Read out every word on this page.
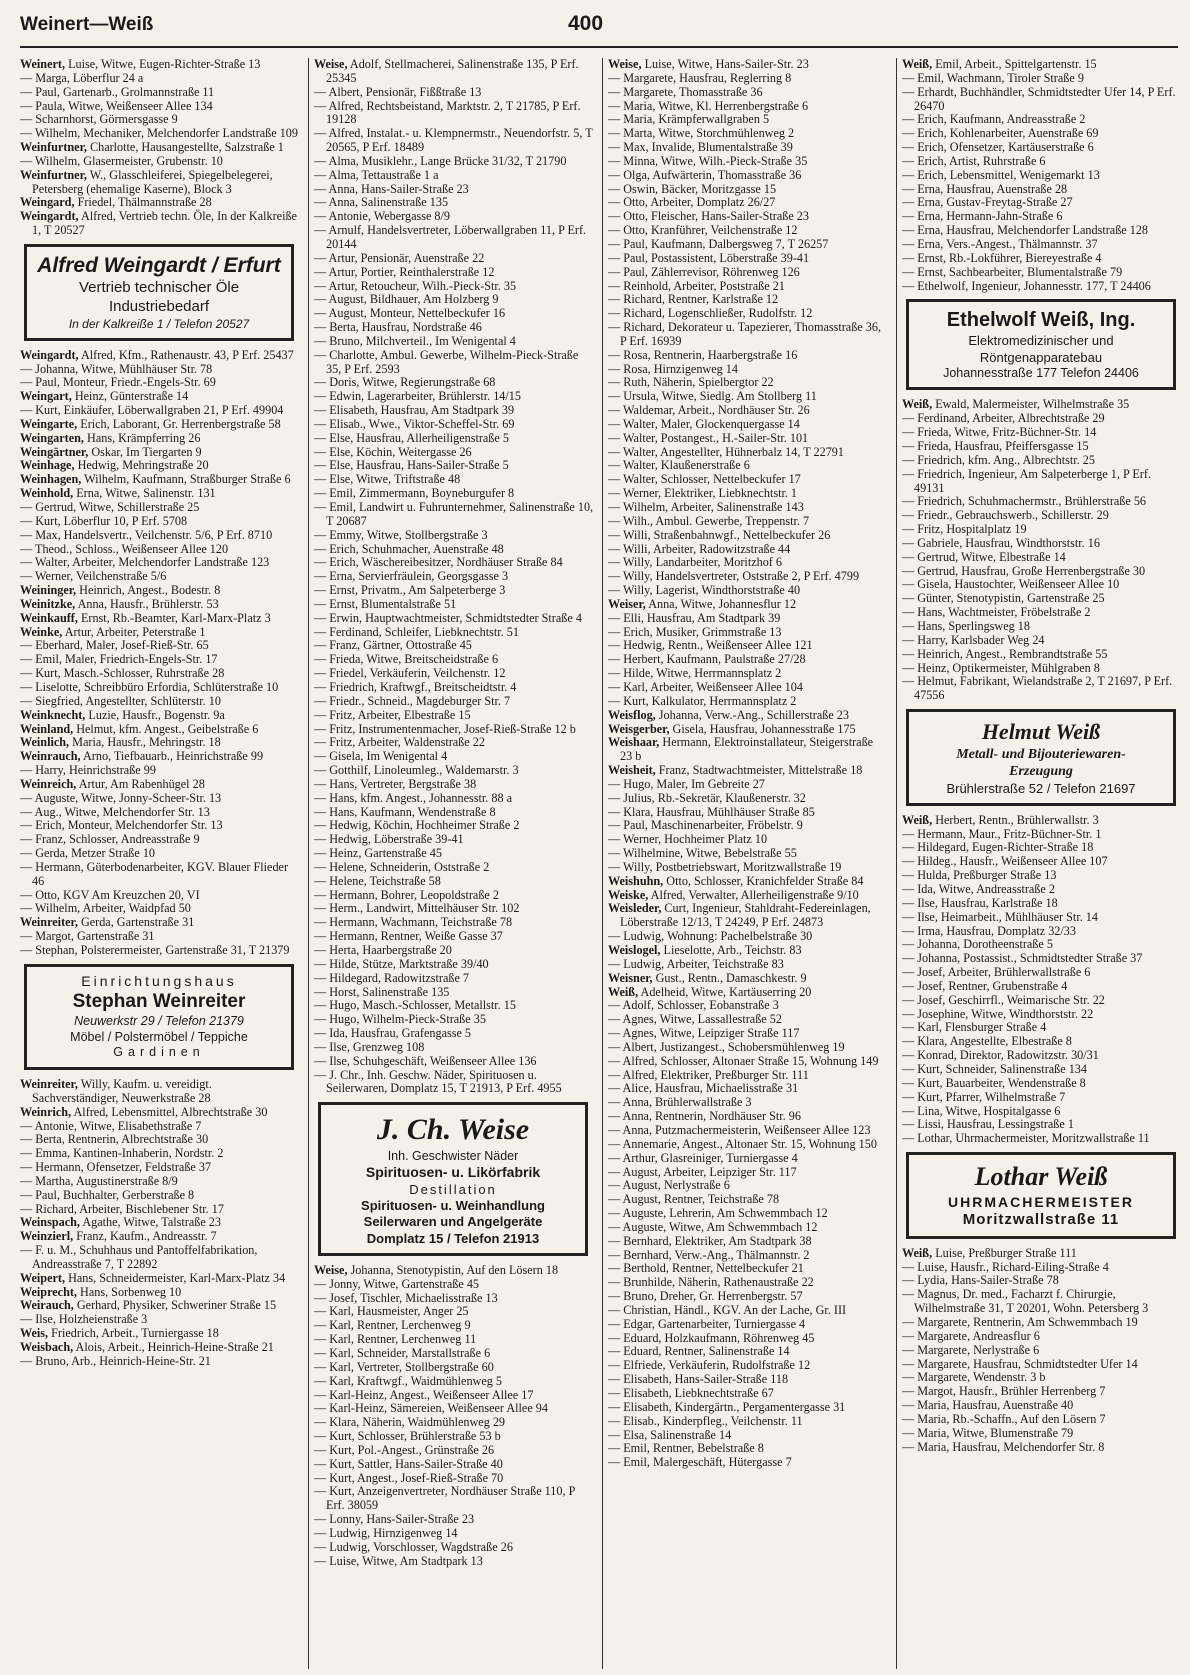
Weinert—Weiß	400
Weinert, Luise, Witwe, Eugen-Richter-Straße 13
— Marga, Löberflur 24 a
— Paul, Gartenarb., Grolmannstraße 11
— Paula, Witwe, Weißenseer Allee 134
— Scharnhorst, Görmersgasse 9
— Wilhelm, Mechaniker, Melchendorfer Landstraße 109
Weinfurtner, Charlotte, Hausangestellte, Salzstraße 1
— Wilhelm, Glasermeister, Grubenstr. 10
Weinfurtner, W., Glasschleiferei, Spiegelbelegerei, Petersberg (ehemalige Kaserne), Block 3
Weingard, Friedel, Thälmannstraße 28
Weingardt, Alfred, Vertrieb techn. Öle, In der Kalkreiße 1, T 20527
Alfred Weingardt / Erfurt
Vertrieb technischer Öle
Industriebedarf
In der Kalkreiße 1 / Telefon 20527
Weingardt, Alfred, Kfm., Rathenaustr. 43, P Erf. 25437
— Johanna, Witwe, Mühlhäuser Str. 78
— Paul, Monteur, Friedr.-Engels-Str. 69
Weingart, Heinz, Günterstraße 14
— Kurt, Einkäufer, Löberwallgraben 21, P Erf. 49904
Weingarte, Erich, Laborant, Gr. Herrenbergstraße 58
Weingarten, Hans, Krämpferring 26
Weingärtner, Oskar, Im Tiergarten 9
Weinhage, Hedwig, Mehringstraße 20
Weinhagen, Wilhelm, Kaufmann, Straßburger Straße 6
Weinhold, Erna, Witwe, Salinenstr. 131
— Gertrud, Witwe, Schillerstraße 25
— Kurt, Löberflur 10, P Erf. 5708
— Max, Handelsvertr., Veilchenstr. 5/6, P Erf. 8710
— Theod., Schloss., Weißenseer Allee 120
— Walter, Arbeiter, Melchendorfer Landstraße 123
— Werner, Veilchenstraße 5/6
Weininger, Heinrich, Angest., Bodestr. 8
Weinitzke, Anna, Hausfr., Brühlerstr. 53
Weinkauff, Ernst, Rb.-Beamter, Karl-Marx-Platz 3
Weinke, Artur, Arbeiter, Peterstraße 1
— Eberhard, Maler, Josef-Rieß-Str. 65
— Emil, Maler, Friedrich-Engels-Str. 17
— Kurt, Masch.-Schlosser, Ruhrstraße 28
— Liselotte, Schreibbüro Erfordia, Schlüterstraße 10
— Siegfried, Angestellter, Schlüterstr. 10
Weinknecht, Luzie, Hausfr., Bogenstr. 9a
Weinland, Helmut, kfm. Angest., Geibelstraße 6
Weinlich, Maria, Hausfr., Mehringstr. 18
Weinrauch, Arno, Tiefbauarb., Heinrichstraße 99
— Harry, Heinrichstraße 99
Weinreich, Artur, Am Rabenhügel 28
— Auguste, Witwe, Jonny-Scheer-Str. 13
— Aug., Witwe, Melchendorfer Str. 13
— Erich, Monteur, Melchendorfer Str. 13
— Franz, Schlosser, Andreasstraße 9
— Gerda, Metzer Straße 10
— Hermann, Güterbodenarbeiter, KGV. Blauer Flieder 46
— Otto, KGV Am Kreuzchen 20, VI
— Wilhelm, Arbeiter, Waidpfad 50
Weinreiter, Gerda, Gartenstraße 31
— Margot, Gartenstraße 31
— Stephan, Polsterermeister, Gartenstraße 31, T 21379
Einrichtungshaus
Stephan Weinreiter
Neuwerkstr 29 / Telefon 21379
Möbel / Polstermöbel / Teppiche
Gardinen
Weinreiter, Willy, Kaufm. u. vereidigt. Sachverständiger, Neuwerkstraße 28
Weinrich, Alfred, Lebensmittel, Albrechtstraße 30
— Antonie, Witwe, Elisabethstraße 7
— Berta, Rentnerin, Albrechtstraße 30
— Emma, Kantinen-Inhaberin, Nordstr. 2
— Hermann, Ofensetzer, Feldstraße 37
— Martha, Augustinerstraße 8/9
— Paul, Buchhalter, Gerberstraße 8
— Richard, Arbeiter, Bischlebener Str. 17
Weinspach, Agathe, Witwe, Talstraße 23
Weinzierl, Franz, Kaufm., Andreasstr. 7
— F. u. M., Schuhhaus und Pantoffelfabrikation, Andreasstraße 7, T 22892
Weipert, Hans, Schneidermeister, Karl-Marx-Platz 34
Weiprecht, Hans, Sorbenweg 10
Weirauch, Gerhard, Physiker, Schweriner Straße 15
— Ilse, Holzheienstraße 3
Weis, Friedrich, Arbeit., Turniergasse 18
Weisbach, Alois, Arbeit., Heinrich-Heine-Straße 21
— Bruno, Arb., Heinrich-Heine-Str. 21
Weise, Adolf, Stellmacherei, Salinenstraße 135, P Erf. 25345
— Albert, Pensionär, Fißßtraße 13
— Alfred, Rechtsbeistand, Marktstr. 2, T 21785, P Erf. 19128
— Alfred, Instalat.- u. Klempnermstr., Neuendorfstr. 5, T 20565, P Erf. 18489
— Alma, Musiklehr., Lange Brücke 31/32, T 21790
— Alma, Tettaustraße 1 a
— Anna, Hans-Sailer-Straße 23
— Anna, Salinenstraße 135
— Antonie, Webergasse 8/9
— Arnulf, Handelsvertreter, Löberwallgraben 11, P Erf. 20144
— Artur, Pensionär, Auenstraße 22
— Artur, Portier, Reinthalerstraße 12
— Artur, Retoucheur, Wilh.-Pieck-Str. 35
— August, Bildhauer, Am Holzberg 9
— August, Monteur, Nettelbeckufer 16
— Berta, Hausfrau, Nordstraße 46
— Bruno, Milchverteil., Im Wenigental 4
— Charlotte, Ambul. Gewerbe, Wilhelm-Pieck-Straße 35, P Erf. 2593
— Doris, Witwe, Regierungstraße 68
— Edwin, Lagerarbeiter, Brühlerstr. 14/15
— Elisabeth, Hausfrau, Am Stadtpark 39
— Elisab., Wwe., Viktor-Scheffel-Str. 69
— Else, Hausfrau, Allerheiligenstraße 5
— Else, Köchin, Weitergasse 26
— Else, Hausfrau, Hans-Sailer-Straße 5
— Else, Witwe, Triftstraße 48
— Emil, Zimmermann, Boyneburgufer 8
— Emil, Landwirt u. Fuhrunternehmer, Salinenstraße 10, T 20687
— Emmy, Witwe, Stollbergstraße 3
— Erich, Schuhmacher, Auenstraße 48
— Erich, Wäschereibesitzer, Nordhäuser Straße 84
— Erna, Servierfräulein, Georgsgasse 3
— Ernst, Privatm., Am Salpeterberge 3
— Ernst, Blumentalstraße 51
— Erwin, Hauptwachtmeister, Schmidtstedter Straße 4
— Ferdinand, Schleifer, Liebknechtstr. 51
— Franz, Gärtner, Ottostraße 45
— Frieda, Witwe, Breitscheidstraße 6
— Friedel, Verkäuferin, Veilchenstr. 12
— Friedrich, Kraftwgf., Breitscheidtstr. 4
— Friedr., Schneid., Magdeburger Str. 7
— Fritz, Arbeiter, Elbestraße 15
— Fritz, Instrumentenmacher, Josef-Rieß-Straße 12 b
— Fritz, Arbeiter, Waldenstraße 22
— Gisela, Im Wenigental 4
— Gotthilf, Linoleumleg., Waldemarstr. 3
— Hans, Vertreter, Bergstraße 38
— Hans, kfm. Angest., Johannesstr. 88 a
— Hans, Kaufmann, Wendenstraße 8
— Hedwig, Köchin, Hochheimer Straße 2
— Hedwig, Löberstraße 39-41
— Heinz, Gartenstraße 45
— Helene, Schneiderin, Oststraße 2
— Helene, Teichstraße 58
— Hermann, Bohrer, Leopoldstraße 2
— Herm., Landwirt, Mittelhäuser Str. 102
— Hermann, Wachmann, Teichstraße 78
— Hermann, Rentner, Weiße Gasse 37
— Herta, Haarbergstraße 20
— Hilde, Stütze, Marktstraße 39/40
— Hildegard, Radowitzstraße 7
— Horst, Salinenstraße 135
— Hugo, Masch.-Schlosser, Metallstr. 15
— Hugo, Wilhelm-Pieck-Straße 35
— Ida, Hausfrau, Grafengasse 5
— Ilse, Grenzweg 108
— Ilse, Schuhgeschäft, Weißenseer Allee 136
— J. Chr., Inh. Geschw. Näder, Spirituosen u. Seilerwaren, Domplatz 15, T 21913, P Erf. 4955
J. Ch. Weise
Inh. Geschwister Näder
Spirituosen- u. Likörfabrik
Destillation
Spirituosen- u. Weinhandlung
Seilerwaren und Angelgeräte
Domplatz 15 / Telefon 21913
Weise, Johanna, Stenotypistin, Auf den Lösern 18
— Jonny, Witwe, Gartenstraße 45
— Josef, Tischler, Michaelisstraße 13
— Karl, Hausmeister, Anger 25
— Karl, Rentner, Lerchenweg 9
— Karl, Rentner, Lerchenweg 11
— Karl, Schneider, Marstallstraße 6
— Karl, Vertreter, Stollbergstraße 60
— Karl, Kraftwgf., Waidmühlenweg 5
— Karl-Heinz, Angest., Weißenseer Allee 17
— Karl-Heinz, Sämereien, Weißenseer Allee 94
— Klara, Näherin, Waidmühlenweg 29
— Kurt, Schlosser, Brühlerstraße 53 b
— Kurt, Pol.-Angest., Grünstraße 26
— Kurt, Sattler, Hans-Sailer-Straße 40
— Kurt, Angest., Josef-Rieß-Straße 70
— Kurt, Anzeigenvertreter, Nordhäuser Straße 110, P Erf. 38059
— Lonny, Hans-Sailer-Straße 23
— Ludwig, Hirnzigenweg 14
— Ludwig, Vorschlosser, Wagdstraße 26
— Luise, Witwe, Am Stadtpark 13
Weise, Luise, Witwe, Hans-Sailer-Str. 23
— Margarete, Hausfrau, Reglerring 8
— Margarete, Thomasstraße 36
— Maria, Witwe, Kl. Herrenbergstraße 6
— Maria, Krämpferwallgraben 5
— Marta, Witwe, Storchmühlenweg 2
— Max, Invalide, Blumentalstraße 39
— Minna, Witwe, Wilh.-Pieck-Straße 35
— Olga, Aufwärterin, Thomasstraße 36
— Oswin, Bäcker, Moritzgasse 15
— Otto, Arbeiter, Domplatz 26/27
— Otto, Fleischer, Hans-Sailer-Straße 23
— Otto, Kranführer, Veilchenstraße 12
— Paul, Kaufmann, Dalbergsweg 7, T 26257
— Paul, Postassistent, Löberstraße 39-41
— Paul, Zählerrevisor, Röhrenweg 126
— Reinhold, Arbeiter, Poststraße 21
— Richard, Rentner, Karlstraße 12
— Richard, Logenschließer, Rudolfstr. 12
— Richard, Dekorateur u. Tapezierer, Thomasstraße 36, P Erf. 16939
— Rosa, Rentnerin, Haarbergstraße 16
— Rosa, Hirnzigenweg 14
— Ruth, Näherin, Spielbergtor 22
— Ursula, Witwe, Siedlg. Am Stollberg 11
— Waldemar, Arbeit., Nordhäuser Str. 26
— Walter, Maler, Glockenquergasse 14
— Walter, Postangest., H.-Sailer-Str. 101
— Walter, Angestellter, Hühnerbalz 14, T 22791
— Walter, Klaußenerstraße 6
— Walter, Schlosser, Nettelbeckufer 17
— Werner, Elektriker, Liebknechtstr. 1
— Wilhelm, Arbeiter, Salinenstraße 143
— Wilh., Ambul. Gewerbe, Treppenstr. 7
— Willi, Straßenbahnwgf., Nettelbeckufer 26
— Willi, Arbeiter, Radowitzstraße 44
— Willy, Landarbeiter, Moritzhof 6
— Willy, Handelsvertreter, Oststraße 2, P Erf. 4799
— Willy, Lagerist, Windthorststraße 40
Weiser, Anna, Witwe, Johannesflur 12
— Elli, Hausfrau, Am Stadtpark 39
— Erich, Musiker, Grimmstraße 13
— Hedwig, Rentn., Weißenseer Allee 121
— Herbert, Kaufmann, Paulstraße 27/28
— Hilde, Witwe, Herrmannsplatz 2
— Karl, Arbeiter, Weißenseer Allee 104
— Kurt, Kalkulator, Herrmannsplatz 2
Weisflog, Johanna, Verw.-Ang., Schillerstraße 23
Weisgerber, Gisela, Hausfrau, Johannesstraße 175
Weishaar, Hermann, Elektroinstallateur, Steigerstraße 23 b
Weisheit, Franz, Stadtwachtmeister, Mittelstraße 18
— Hugo, Maler, Im Gebreite 27
— Julius, Rb.-Sekretär, Klaußenerstr. 32
— Klara, Hausfrau, Mühlhäuser Straße 85
— Paul, Maschinenarbeiter, Fröbelstr. 9
— Werner, Hochheimer Platz 10
— Wilhelmine, Witwe, Bebelstraße 55
— Willy, Postbetriebswart, Moritzwallstraße 19
Weishuhn, Otto, Schlosser, Kranichfelder Straße 84
Weiske, Alfred, Verwalter, Allerheiligenstraße 9/10
Weisleder, Curt, Ingenieur, Stahldraht-Federeinlagen, Löberstraße 12/13, T 24249, P Erf. 24873
— Ludwig, Wohnung: Pachelbelstraße 30
Weislogel, Lieselotte, Arb., Teichstr. 83
— Ludwig, Arbeiter, Teichstraße 83
Weisner, Gust., Rentn., Damaschkestr. 9
Weiß, Adelheid, Witwe, Kartäuserring 20
— Adolf, Schlosser, Eobanstraße 3
— Agnes, Witwe, Lassallestraße 52
— Agnes, Witwe, Leipziger Straße 117
— Albert, Justizangest., Schobersmühlenweg 19
— Alfred, Schlosser, Altonaer Straße 15, Wohnung 149
— Alfred, Elektriker, Preßburger Str. 111
— Alice, Hausfrau, Michaelisstraße 31
— Anna, Brühlerwallstraße 3
— Anna, Rentnerin, Nordhäuser Str. 96
— Anna, Putzmachermeisterin, Weißenseer Allee 123
— Annemarie, Angest., Altonaer Str. 15, Wohnung 150
— Arthur, Glasreiniger, Turniergasse 4
— August, Arbeiter, Leipziger Str. 117
— August, Nerlystraße 6
— August, Rentner, Teichstraße 78
— Auguste, Lehrerin, Am Schwemmbach 12
— Auguste, Witwe, Am Schwemmbach 12
— Bernhard, Elektriker, Am Stadtpark 38
— Bernhard, Verw.-Ang., Thälmannstr. 2
— Berthold, Rentner, Nettelbeckufer 21
— Brunhilde, Näherin, Rathenaustraße 22
— Bruno, Dreher, Gr. Herrenbergstr. 57
— Christian, Händl., KGV. An der Lache, Gr. III
— Edgar, Gartenarbeiter, Turniergasse 4
— Eduard, Holzkaufmann, Röhrenweg 45
— Eduard, Rentner, Salinenstraße 14
— Elfriede, Verkäuferin, Rudolfstraße 12
— Elisabeth, Hans-Sailer-Straße 118
— Elisabeth, Liebknechtstraße 67
— Elisabeth, Kindergärtn., Pergamentergasse 31
— Elisab., Kinderpfleg., Veilchenstr. 11
— Elsa, Salinenstraße 14
— Emil, Rentner, Bebelstraße 8
— Emil, Malergeschäft, Hütergasse 7
Weiß, Emil, Arbeit., Spittelgartenstr. 15
— Emil, Wachmann, Tiroler Straße 9
— Erhardt, Buchhändler, Schmidtstedter Ufer 14, P Erf. 26470
— Erich, Kaufmann, Andreasstraße 2
— Erich, Kohlenarbeiter, Auenstraße 69
— Erich, Ofensetzer, Kartäuserstraße 6
— Erich, Artist, Ruhrstraße 6
— Erich, Lebensmittel, Wenigemarkt 13
— Erna, Hausfrau, Auenstraße 28
— Erna, Gustav-Freytag-Straße 27
— Erna, Hermann-Jahn-Straße 6
— Erna, Hausfrau, Melchendorfer Landstraße 128
— Erna, Vers.-Angest., Thälmannstr. 37
— Ernst, Rb.-Lokführer, Biereyestraße 4
— Ernst, Sachbearbeiter, Blumentalstraße 79
— Ethelwolf, Ingenieur, Johannesstr. 177, T 24406
Ethelwolf Weiß, Ing.
Elektromedizinischer und
Röntgenapparatebau
Johannesstraße 177 Telefon 24406
Weiß, Ewald, Malermeister, Wilhelmstraße 35
— Ferdinand, Arbeiter, Albrechtstraße 29
— Frieda, Witwe, Fritz-Büchner-Str. 14
— Frieda, Hausfrau, Pfeiffersgasse 15
— Friedrich, kfm. Ang., Albrechtstr. 25
— Friedrich, Ingenieur, Am Salpeterberge 1, P Erf. 49131
— Friedrich, Schuhmachermstr., Brühlerstraße 56
— Friedr., Gebrauchswerb., Schillerstr. 29
— Fritz, Hospitalplatz 19
— Gabriele, Hausfrau, Windthorststr. 16
— Gertrud, Witwe, Elbestraße 14
— Gertrud, Hausfrau, Große Herrenbergstraße 30
— Gisela, Haustochter, Weißenseer Allee 10
— Günter, Stenotypistin, Gartenstraße 25
— Hans, Wachtmeister, Fröbelstraße 2
— Hans, Sperlingsweg 18
— Harry, Karlsbader Weg 24
— Heinrich, Angest., Rembrandtstraße 55
— Heinz, Optikermeister, Mühlgraben 8
— Helmut, Fabrikant, Wielandstraße 2, T 21697, P Erf. 47556
Helmut Weiß
Metall- und Bijouteriewaren-
Erzeugung
Brühlerstraße 52 / Telefon 21697
Weiß, Herbert, Rentn., Brühlerwallstr. 3
— Hermann, Maur., Fritz-Büchner-Str. 1
— Hildegard, Eugen-Richter-Straße 18
— Hildeg., Hausfr., Weißenseer Allee 107
— Hulda, Preßburger Straße 13
— Ida, Witwe, Andreasstraße 2
— Ilse, Hausfrau, Karlstraße 18
— Ilse, Heimarbeit., Mühlhäuser Str. 14
— Irma, Hausfrau, Domplatz 32/33
— Johanna, Dorotheenstraße 5
— Johanna, Postassist., Schmidtstedter Straße 37
— Josef, Arbeiter, Brühlerwallstraße 6
— Josef, Rentner, Grubenstraße 4
— Josef, Geschirrfl., Weimarische Str. 22
— Josephine, Witwe, Windthorststr. 22
— Karl, Flensburger Straße 4
— Klara, Angestellte, Elbestraße 8
— Konrad, Direktor, Radowitzstr. 30/31
— Kurt, Schneider, Salinenstraße 134
— Kurt, Bauarbeiter, Wendenstraße 8
— Kurt, Pfarrer, Wilhelmstraße 7
— Lina, Witwe, Hospitalgasse 6
— Lissi, Hausfrau, Lessingstraße 1
— Lothar, Uhrmachermeister, Moritzwallstraße 11
Lothar Weiß
UHRMACHERMEISTER
Moritzwallstraße 11
Weiß, Luise, Preßburger Straße 111
— Luise, Hausfr., Richard-Eiling-Straße 4
— Lydia, Hans-Sailer-Straße 78
— Magnus, Dr. med., Facharzt f. Chirurgie, Wilhelmstraße 31, T 20201, Wohn. Petersberg 3
— Margarete, Rentnerin, Am Schwemmbach 19
— Margarete, Andreasflur 6
— Margarete, Nerlystraße 6
— Margarete, Hausfrau, Schmidtstedter Ufer 14
— Margarete, Wendenstr. 3 b
— Margot, Hausfr., Brühler Herrenberg 7
— Maria, Hausfrau, Auenstraße 40
— Maria, Rb.-Schaffn., Auf den Lösern 7
— Maria, Witwe, Blumenstraße 79
— Maria, Hausfrau, Melchendorfer Str. 8
